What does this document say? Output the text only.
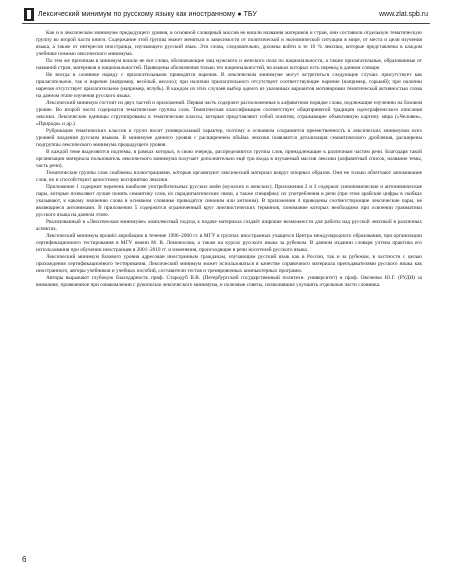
Лексический минимум по русскому языку как иностранному ● ТБУ	www.zlat.spb.ru

Как и в лексическом минимуме предыдущего уровня, в основной словарный массив не вошли названия материков и стран, они составили отдельную тематическую группу во второй части книги. Содержание этой группы может меняться в зависимости от политической и экономической ситуации в мире, от места и цели изучения языка, а также от интересов иностранца, изучающего русский язык. Эти слова, следовательно, должны войти в те 10 % лексики, которые представлены в каждом учебнике помимо лексического минимума.

По тем же причинам в минимум вошли не все слова, обозначающие лиц мужского и женского пола по национальности, а также прилагательные, образованные от названий стран, материков и национальностей. Приведены обозначения только тех национальностей, на языках которых есть перевод в данном словаре.

Не всегда в словнике наряду с прилагательными приводятся наречия. В лексическом минимуме могут встретиться следующие случаи: присутствует как прилагательное, так и наречие (например, весёлый, весело); при наличии прилагательного отсутствует соответствующее наречие (например, горький); при наличии наречия отсутствует прилагательное (например, вглубь). В каждом из этих случаев выбор одного из указанных вариантов мотивирован тематической активностью слова на данном этапе изучения русского языка.

Лексический минимум состоит из двух частей и приложений. Первая часть содержит расположенные в алфавитном порядке слова, подлежащие изучению на базовом уровне. Во второй части содержатся тематические группы слов. Тематическая классификация соответствует общепринятой традиции идеографического описания лексики. Лексические единицы сгруппированы в тематические классы, которые представляют собой понятия, отражающие объективную картину мира («Человек», «Природа» и др.).

Рубрикация тематических классов и групп носит универсальный характер, поэтому в основном сохраняется преемственность в лексических минимумах всех уровней владения русским языком. В минимуме данного уровня с расширением объёма лексики появляется детализация семантического дробления, расширены подгруппы лексического минимума предыдущего уровня.

В каждой теме выделяются подтемы, в рамках которых, в свою очередь, распределяются группы слов, принадлежащие к различным частям речи. Благодаря такой организации материала пользователь лексического минимума получает дополнительно ещё три входа в изучаемый массив лексики (алфавитный список, название темы, часть речи).

Тематические группы слов снабжены иллюстрациями, которые организуют лексический материал вокруг опорных образов. Они не только облегчают запоминание слов, но и способствуют целостному восприятию лексики.

Приложение 1 содержит перечень наиболее употребительных русских имён (мужских и женских). Приложения 2 и 3 содержат синонимические и антонимические пары, которые позволяют лучше понять семантику слов, их парадигматические связи, а также специфику их употребления в речи (при этом арабские цифры в скобках указывают, к какому значению слова в основном словнике приводятся синоним или антоним). В приложении 4 приведены соответствующие лексические пары, не являющиеся антонимами. В приложении 5 содержится ограниченный круг лингвистических терминов, понимание которых необходимо при освоении грамматики русского языка на данном этапе.

Реализованный в «Лексическом минимуме» комплексный подход к подаче материала создаёт широкие возможности для работы над русской лексикой в различных аспектах.

Лексический минимум прошёл апробацию в течение 1996–2000 гг. в МГУ в группах иностранных учащихся Центра международного образования, при организации сертификационного тестирования в МГУ имени М. В. Ломоносова, а также на курсах русского языка за рубежом. В данном издании словаря учтена практика его использования при обучении иностранцев в 2001–2010 гг. и изменения, происходящие в речи носителей русского языка.

Лексический минимум базового уровня адресован иностранным гражданам, изучающим русский язык как в России, так и за рубежом, в частности с целью прохождения сертификационного тестирования. Лексический минимум может использоваться в качестве справочного материала преподавателями русского языка как иностранного, авторы учебников и учебных пособий, составители тестов и тренировочных компьютерных программ.

Авторы выражают глубокую благодарность проф. Стародуб В.В. (Петербургский государственный политехн. университет) и проф. Овсиенко Ю.Г. (РУДН) за внимание, проявленное при ознакомлении с рукописью лексического минимума, и полезные советы, позволившие улучшить отдельные части словника.

6
